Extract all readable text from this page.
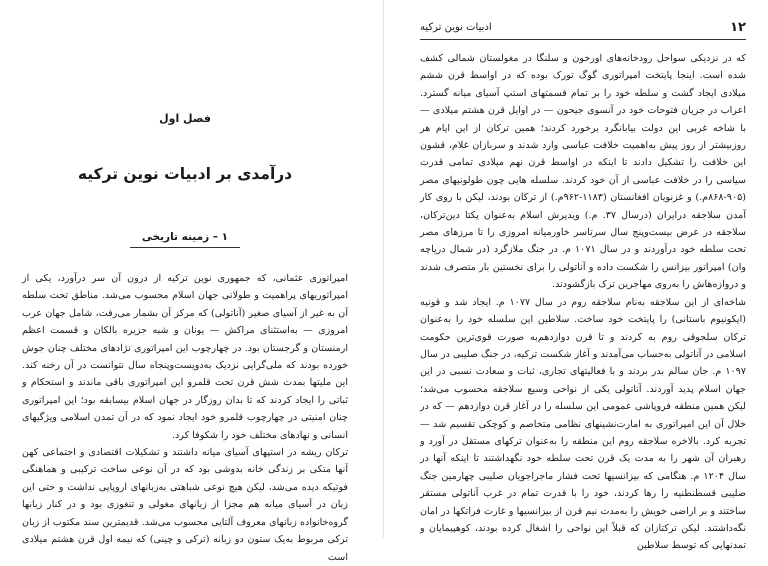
فصل اول
درآمدی بر ادبیات نوین ترکیه
۱ – زمینه تاریخی

امپراتوری عثمانی، که جمهوری نوین ترکیه از درون آن سر درآورد، یکی از امپراتوریهای پراهمیت و طولانی جهان اسلام محسوب می‌شد. مناطق تحت سلطه آن به غیر از آسیای صغیر (آناتولی) که مرکز آن بشمار می‌رفت، شامل جهان عرب امروزی — به‌استثنای مراکش — یونان و شبه جزیره بالکان و قسمت اعظم ارمنستان و گرجستان بود. در چهارچوب این امپراتوری نژادهای مختلف چنان جوش خورده بودند که ملی‌گرایی نزدیک به‌دویست‌وپنجاه سال نتوانست در آن رخنه کند. این ملیتها بمدت شش قرن تحت قلمرو این امپراتوری باقی ماندند و استحکام و ثباتی را ایجاد کردند که تا بدان روزگار در جهان اسلام بیسابقه بود؛ این امپراتوری چنان امنیتی در چهارچوب قلمرو خود ایجاد نمود که در آن تمدن اسلامی ویژگیهای انسانی و نهادهای مختلف خود را شکوفا کرد.

ترکان ریشه در استپهای آسیای میانه داشتند و تشکیلات اقتصادی و اجتماعی کهن آنها متکی بر زندگی خانه بدوشی بود که در آن نوعی ساخت ترکیبی و هماهنگی فوتیکه دیده می‌شد، لیکن هیچ نوعی شباهتی به‌زبانهای اروپایی نداشت و حتی این زبان در آسیای میانه هم مجزا از زبانهای مغولی و تنغوزی بود و در کنار زبانها گروه‌خانواده زبانهای معروف آلتایی محسوب می‌شد. قدیمترین سند مکتوب از زبان ترکی مربوط به‌یک ستون دو زبانه (ترکی و چینی) که نیمه اول قرن هشتم میلادی است

۱۲
ادبیات نوین ترکیه

که در نزدیکی سواحل رودخانه‌های اورخون و سلنگا در مغولستان شمالی کشف شده است. اینجا پایتخت امپراتوری گوگ تورک بوده که در اواسط قرن ششم میلادی ایجاد گشت و سلطه خود را بر تمام قسمتهای استپ آسیای میانه گسترد. اعراب در جریان فتوحات خود در آنسوی جیحون — در اوایل قرن هشتم میلادی — با شاخه غربی این دولت بیابانگرد برخورد کردند؛ همین ترکان از این ایام هر روزبیشتر از روز پیش به‌اهمیت خلافت عباسی وارد شدند و سربازان غلام، قشون این خلافت را تشکیل دادند تا اینکه در اواسط قرن نهم میلادی تمامی قدرت سیاسی را در خلافت عباسی از آن خود کردند. سلسله هایی چون طولونیهای مصر (۹۰۵-۸۶۸م.) و غزنویان افغانستان (۱۱۸۳-۹۶۲م.) از ترکان بودند، لیکن با روی کار آمدن سلاجقه درایران (درسال ۳۷. م.) ویدیرش اسلام به‌عنوان یکتا دین‌ترکان، سلاجقه در عرض بیست‌وپنج سال سرتاسر خاورمیانه امروزی را تا مرزهای مصر تحت سلطه خود درآوردند و در سال ۱۰۷۱ م. در جنگ ملازگرد (در شمال دریاچه وان) امپراتور بیزانس را شکست داده و آناتولی را برای نخستین بار متصرف شدند و دروازه‌هاش را به‌روی مهاجرین ترک بازگشودند.

شاخه‌ای از این سلاجقه به‌نام سلاجقه روم در سال ۱۰۷۷ م. ایجاد شد و قونیه (ایکونیوم باستانی) را پایتخت خود ساخت. سلاطین این سلسله خود را به‌عنوان ترکان سلجوقی روم به کردند و تا قرن دوازدهم‌به صورت قوی‌ترین حکومت اسلامی در آناتولی به‌حساب می‌آمدند و آغاز شکست ترکیه، در جنگ صلیبی در سال ۱۰۹۷ م. جان سالم بدر بردند و با فعالیتهای تجاری، ثبات و سعادت نسبی در این جهان اسلام پدید آوردند. آناتولی یکی از نواحی وسیع سلاجقه محسوب می‌شد؛ لیکن همین منطقه فروپاشی عمومی این سلسله را در آغاز قرن دوازدهم — که در خلال آن این امپراتوری به امارت‌نشینهای نظامی متخاصم و کوچکی تقسیم شد — تجربه کرد. بالاخره سلاجقه روم این منطقه را به‌عنوان ترکهای مستقل در آورد و رهبران آن شهر را به مدت یک قرن تحت سلطه خود نگهداشتند تا اینکه آنها در سال ۱۲۰۴ م. هنگامی که بیزانسیها تحت فشار ماجراجویان صلیبی چهارمین جنگ صلیبی قسطنطنیه را رها کردند، خود را با قدرت تمام در غرب آناتولی مستقر ساختند و بر اراضی خویش را به‌مدت نیم قرن از بیزانسیها و غارت فراتکها در امان نگه‌داشتند. لیکن ترکتازان که قبلاً این نواحی را اشغال کرده بودند، کوهپیمایان و تمدنهایی که توسط سلاطین
